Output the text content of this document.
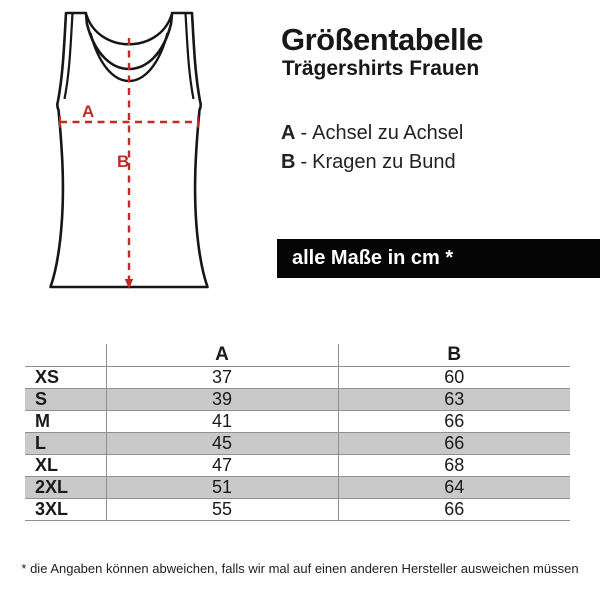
A
B
Größentabelle
Trägershirts Frauen
A - Achsel zu Achsel
B - Kragen zu Bund
alle Maße in cm *
	A	B
XS	37	60
S	39	63
M	41	66
L	45	66
XL	47	68
2XL	51	64
3XL	55	66
* die Angaben können abweichen, falls wir mal auf einen anderen Hersteller ausweichen müssen
